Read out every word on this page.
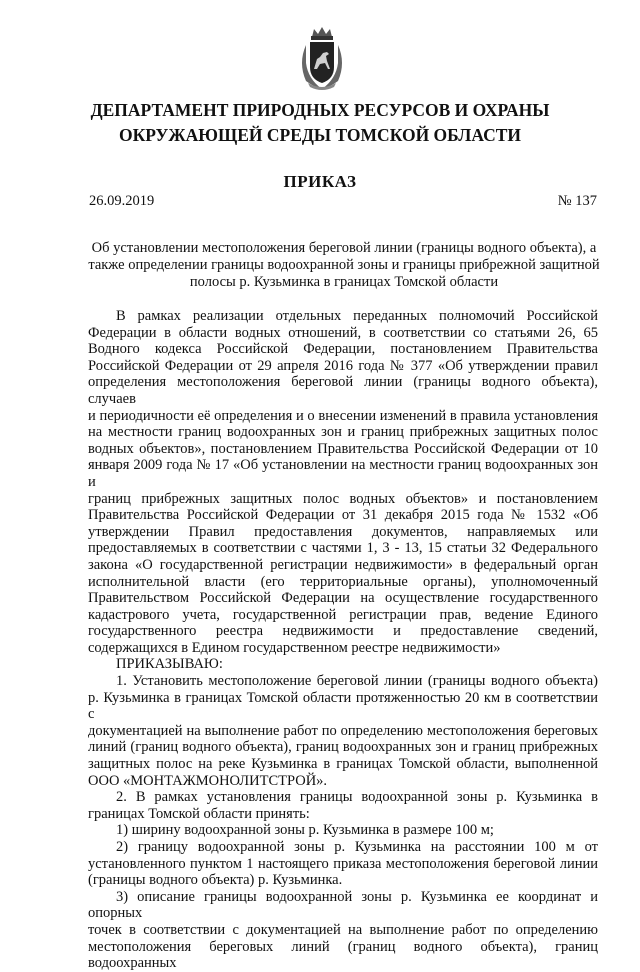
ДЕПАРТАМЕНТ ПРИРОДНЫХ РЕСУРСОВ И ОХРАНЫ
ОКРУЖАЮЩЕЙ СРЕДЫ ТОМСКОЙ ОБЛАСТИ
ПРИКАЗ
26.09.2019	№ 137
Об установлении местоположения береговой линии (границы водного объекта), а
также определении границы водоохранной зоны и границы прибрежной защитной
полосы р. Кузьминка в границах Томской области

В рамках реализации отдельных переданных полномочий Российской

Федерации в области водных отношений, в соответствии со статьями 26, 65

Водного кодекса Российской Федерации, постановлением Правительства

Российской Федерации от 29 апреля 2016 года № 377 «Об утверждении правил

определения местоположения береговой линии (границы водного объекта), случаев

и периодичности её определения и о внесении изменений в правила установления

на местности границ водоохранных зон и границ прибрежных защитных полос

водных объектов», постановлением Правительства Российской Федерации от 10

января 2009 года № 17 «Об установлении на местности границ водоохранных зон и

границ прибрежных защитных полос водных объектов» и постановлением

Правительства Российской Федерации от 31 декабря 2015 года № 1532 «Об

утверждении Правил предоставления документов, направляемых или

предоставляемых в соответствии с частями 1, 3 - 13, 15 статьи 32 Федерального

закона «О государственной регистрации недвижимости» в федеральный орган

исполнительной власти (его территориальные органы), уполномоченный

Правительством Российской Федерации на осуществление государственного

кадастрового учета, государственной регистрации прав, ведение Единого

государственного реестра недвижимости и предоставление сведений,

содержащихся в Едином государственном реестре недвижимости»

ПРИКАЗЫВАЮ:

1. Установить местоположение береговой линии (границы водного объекта)

р. Кузьминка в границах Томской области протяженностью 20 км в соответствии с

документацией на выполнение работ по определению местоположения береговых

линий (границ водного объекта), границ водоохранных зон и границ прибрежных

защитных полос на реке Кузьминка в границах Томской области, выполненной

ООО «МОНТАЖМОНОЛИТСТРОЙ».

2. В рамках установления границы водоохранной зоны р. Кузьминка в

границах Томской области принять:

1) ширину водоохранной зоны р. Кузьминка в размере 100 м;

2) границу водоохранной зоны р. Кузьминка на расстоянии 100 м от

установленного пунктом 1 настоящего приказа местоположения береговой линии

(границы водного объекта) р. Кузьминка.

3) описание границы водоохранной зоны р. Кузьминка ее координат и опорных

точек в соответствии с документацией на выполнение работ по определению

местоположения береговых линий (границ водного объекта), границ водоохранных
